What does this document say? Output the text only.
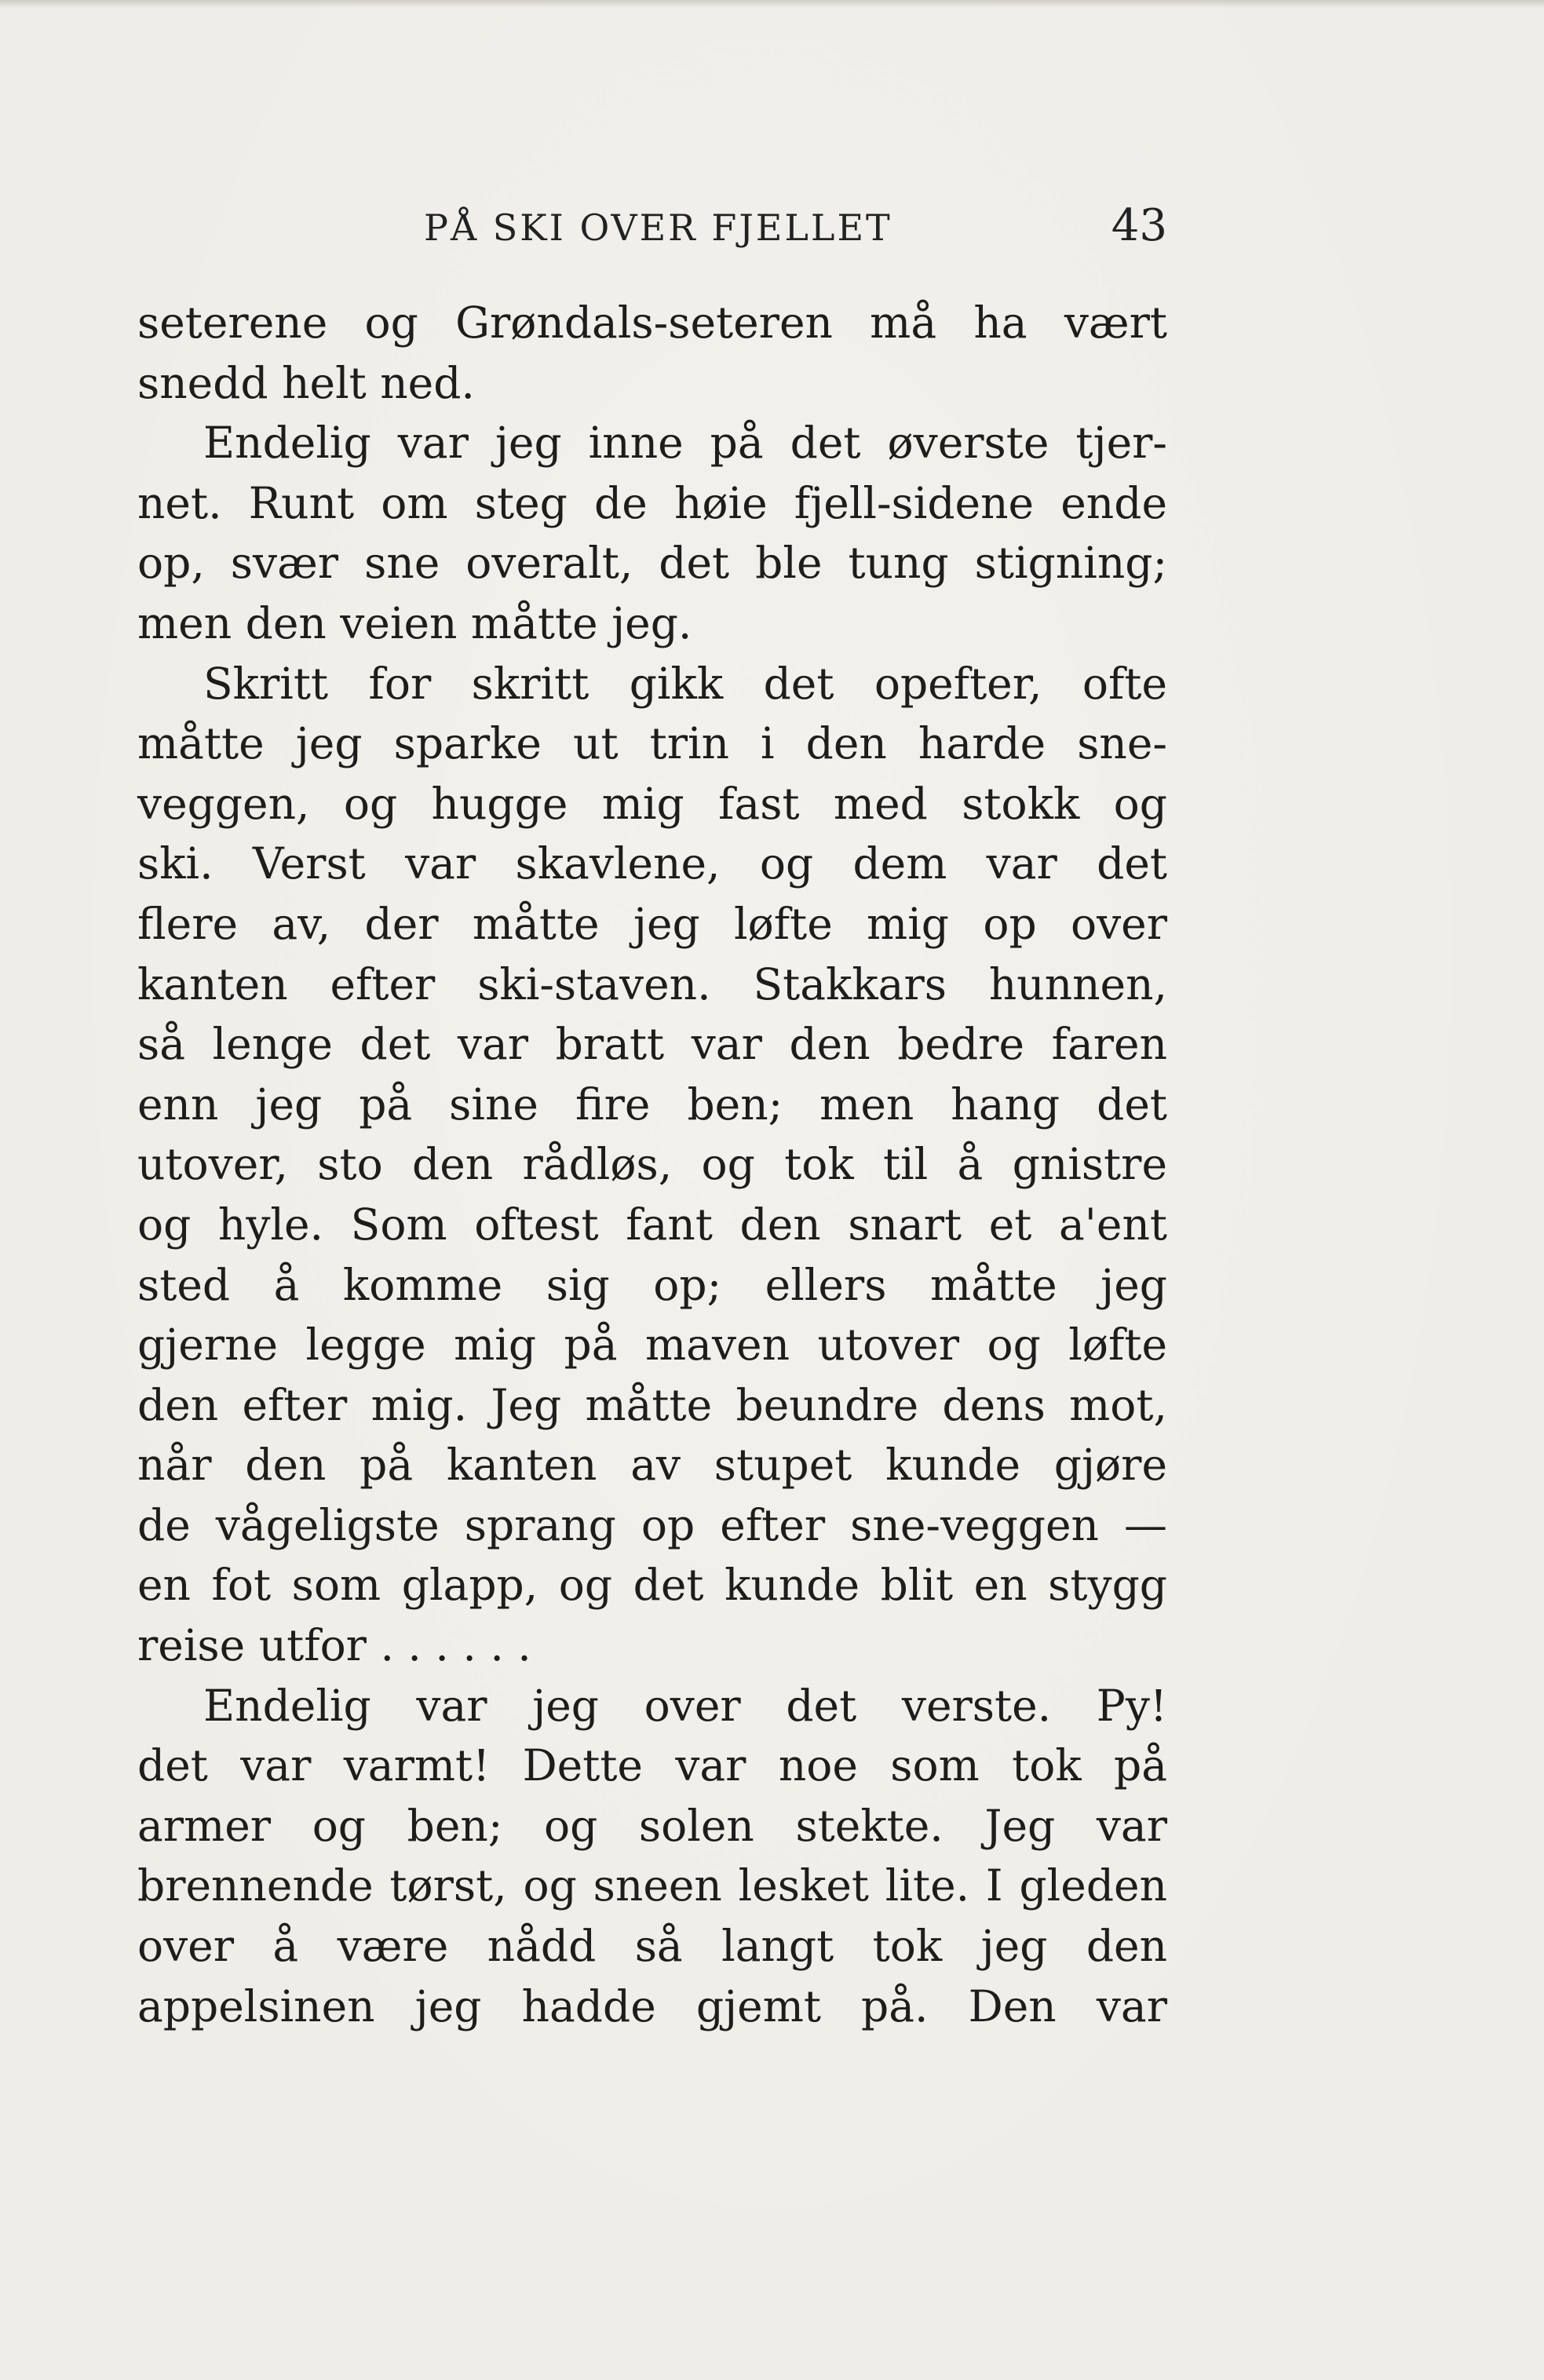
PÅ SKI OVER FJELLET	43
seterene og Grøndals-seteren må ha vært
snedd helt ned.
Endelig var jeg inne på det øverste tjer-
net. Runt om steg de høie fjell-sidene ende
op, svær sne overalt, det ble tung stigning;
men den veien måtte jeg.
Skritt for skritt gikk det opefter, ofte
måtte jeg sparke ut trin i den harde sne-
veggen, og hugge mig fast med stokk og
ski. Verst var skavlene, og dem var det
flere av, der måtte jeg løfte mig op over
kanten efter ski-staven. Stakkars hunnen,
så lenge det var bratt var den bedre faren
enn jeg på sine fire ben; men hang det
utover, sto den rådløs, og tok til å gnistre
og hyle. Som oftest fant den snart et a'ent
sted å komme sig op; ellers måtte jeg
gjerne legge mig på maven utover og løfte
den efter mig. Jeg måtte beundre dens mot,
når den på kanten av stupet kunde gjøre
de vågeligste sprang op efter sne-veggen —
en fot som glapp, og det kunde blit en stygg
reise utfor . . . . . .
Endelig var jeg over det verste. Py!
det var varmt! Dette var noe som tok på
armer og ben; og solen stekte. Jeg var
brennende tørst, og sneen lesket lite. I gleden
over å være nådd så langt tok jeg den
appelsinen jeg hadde gjemt på. Den var
